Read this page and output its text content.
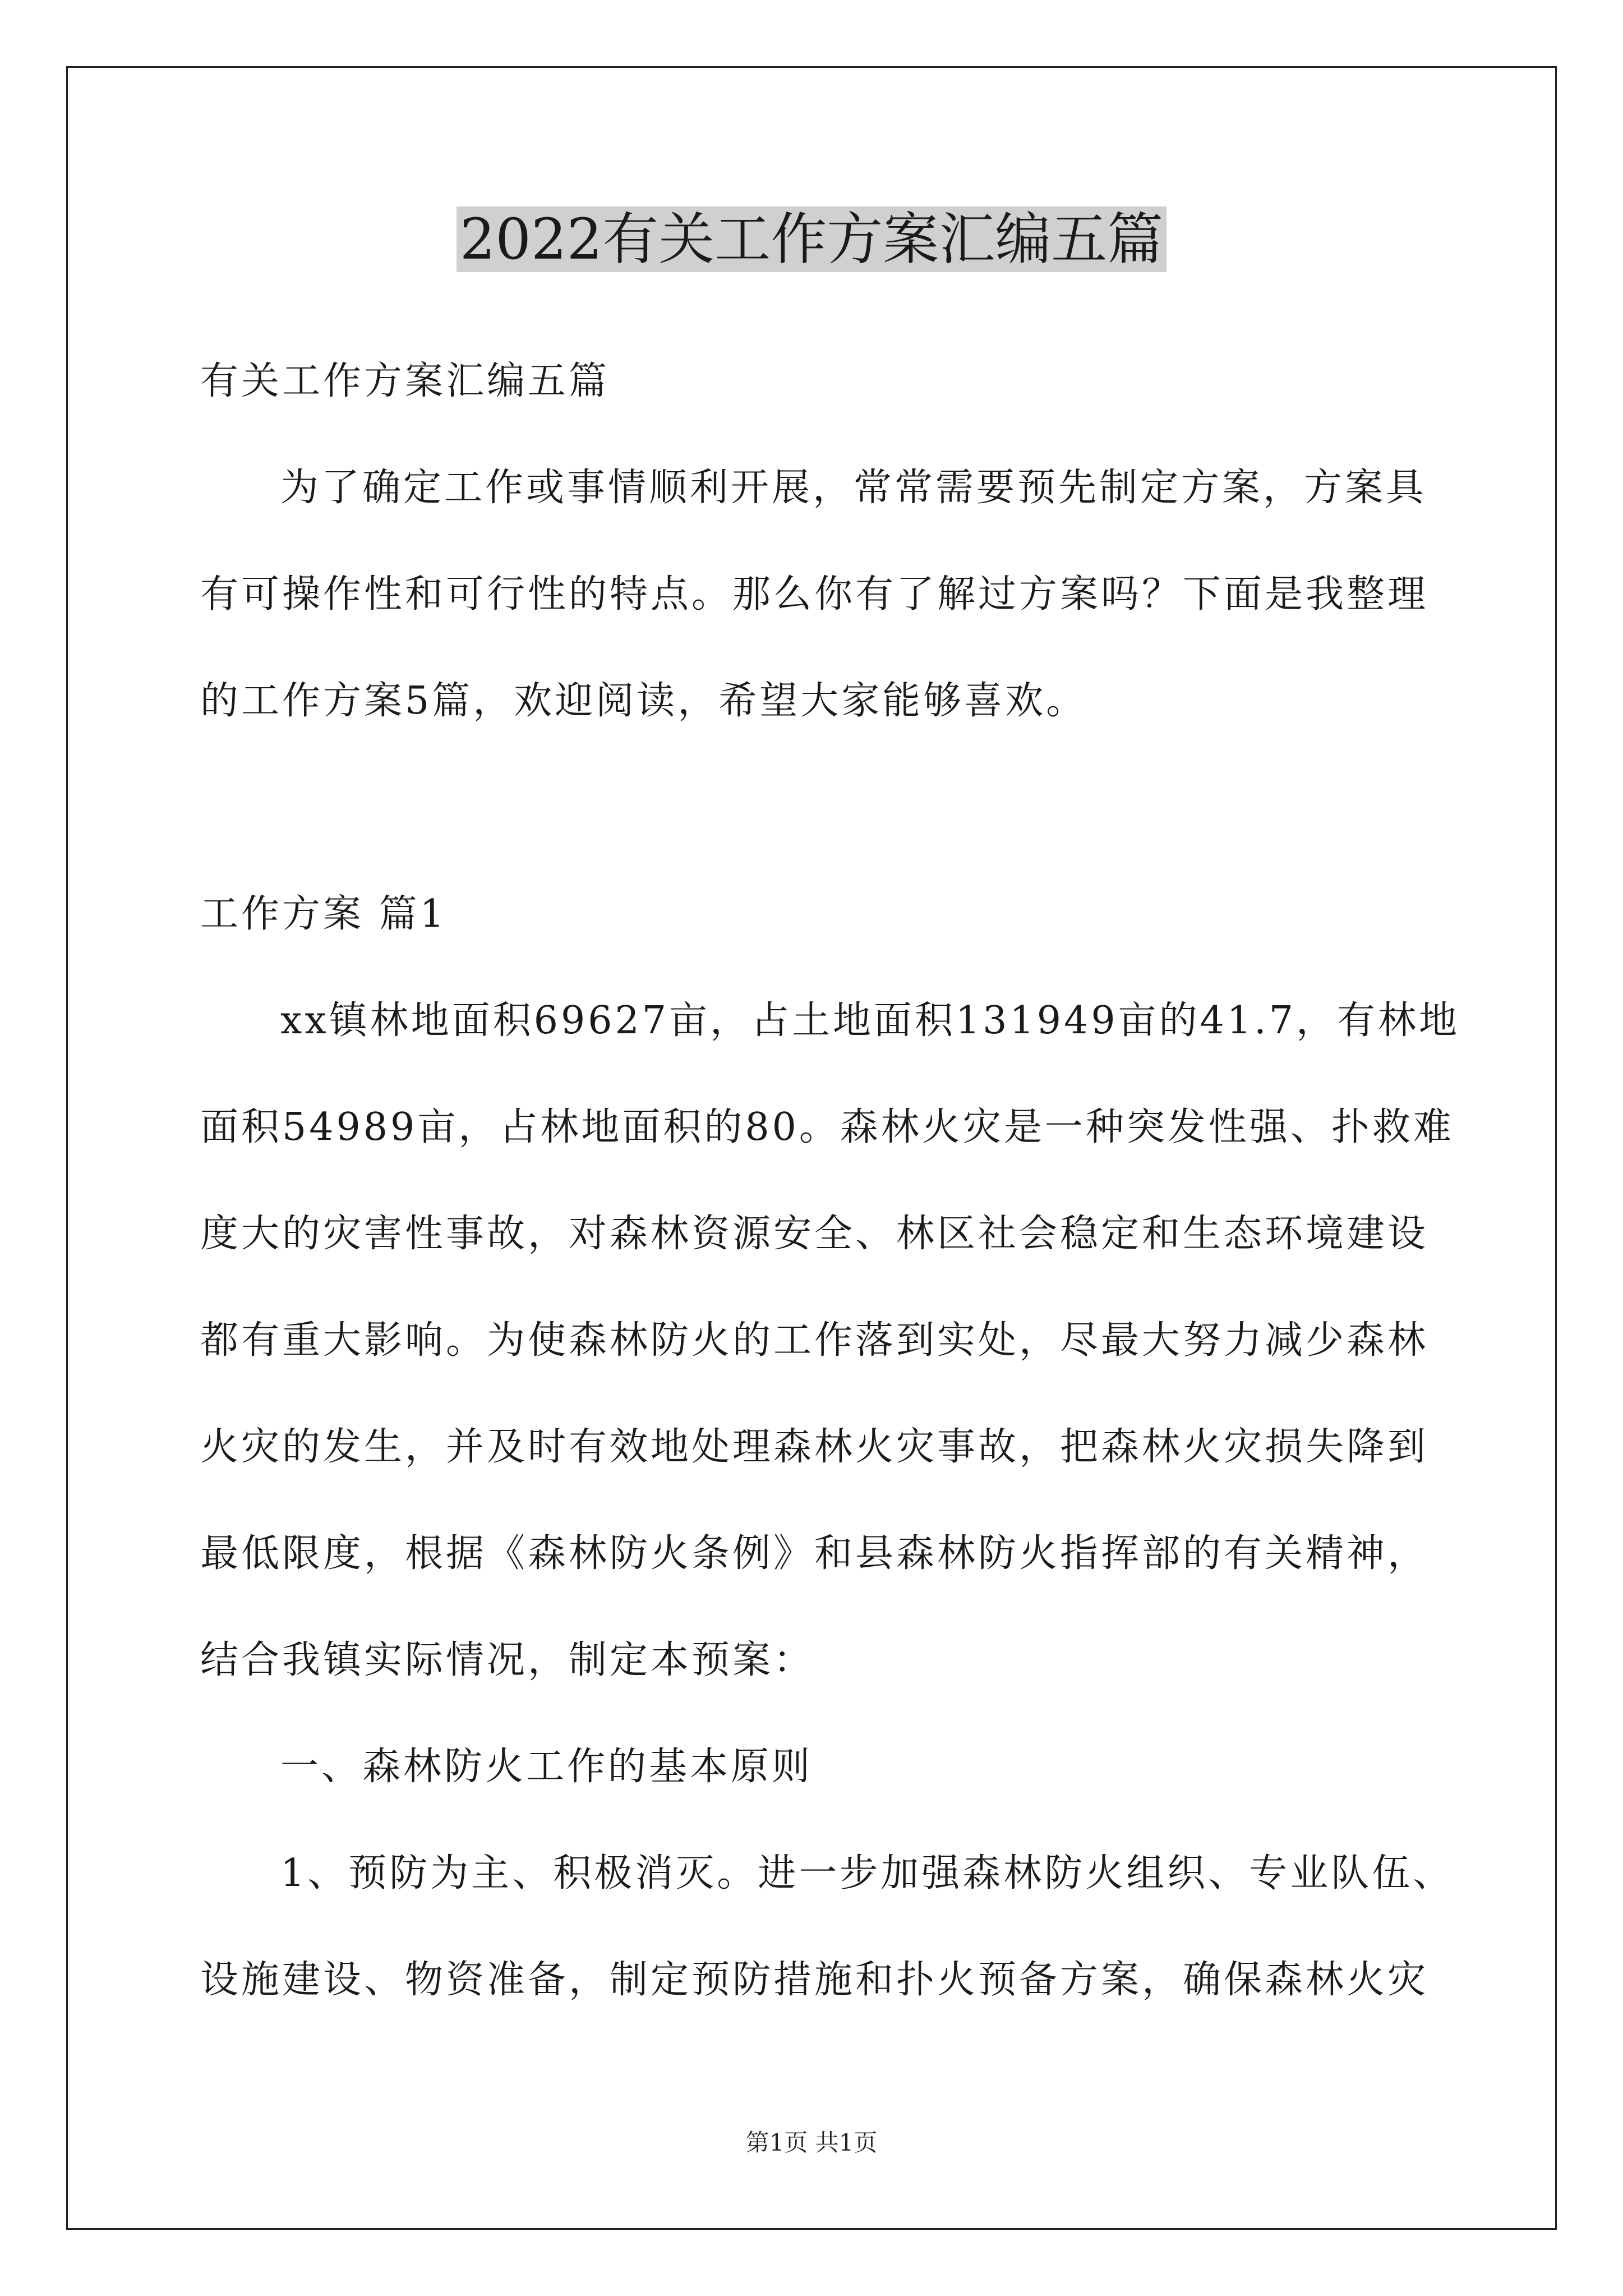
2022有关工作方案汇编五篇
有关工作方案汇编五篇
为了确定工作或事情顺利开展，常常需要预先制定方案，方案具
有可操作性和可行性的特点。那么你有了解过方案吗？下面是我整理
的工作方案5篇，欢迎阅读，希望大家能够喜欢。
工作方案 篇1
xx镇林地面积69627亩，占土地面积131949亩的41.7，有林地
面积54989亩，占林地面积的80。森林火灾是一种突发性强、扑救难
度大的灾害性事故，对森林资源安全、林区社会稳定和生态环境建设
都有重大影响。为使森林防火的工作落到实处，尽最大努力减少森林
火灾的发生，并及时有效地处理森林火灾事故，把森林火灾损失降到
最低限度，根据《森林防火条例》和县森林防火指挥部的有关精神，
结合我镇实际情况，制定本预案：
一、森林防火工作的基本原则
1、预防为主、积极消灭。进一步加强森林防火组织、专业队伍、
设施建设、物资准备，制定预防措施和扑火预备方案，确保森林火灾
第1页 共1页
